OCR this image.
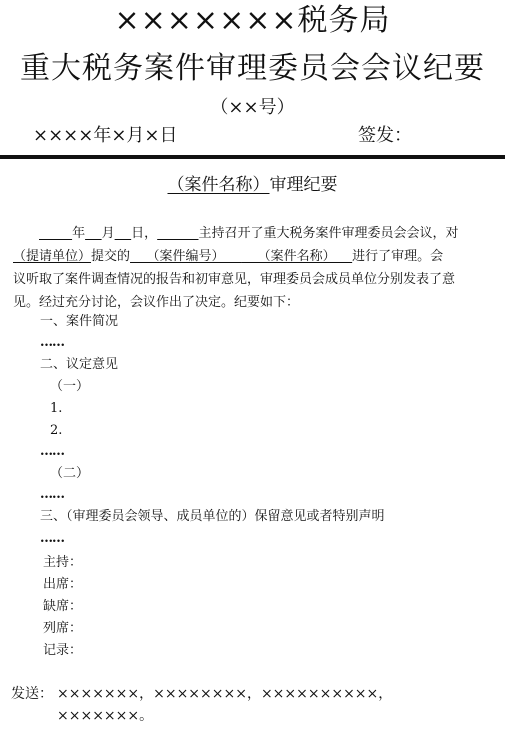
×××××××税务局
重大税务案件审理委员会会议纪要
（××号）
××××年×月×日	签发：
（案件名称）审理纪要

年 月 日，	主持召开了重大税务案件审理委员会会议，对

（提请单位）提交的    （案件编号）        （案件名称）    进行了审理。会

议听取了案件调查情况的报告和初审意见，审理委员会成员单位分别发表了意

见。经过充分讨论，会议作出了决定。纪要如下：

一、案件简况
……
二、议定意见
（一）
1.
2.
……
（二）
……
三、（审理委员会领导、成员单位的）保留意见或者特别声明
……
主持：
出席：
缺席：
列席：
记录：
发送： ×××××××，××××××××，××××××××××，
×××××××。
